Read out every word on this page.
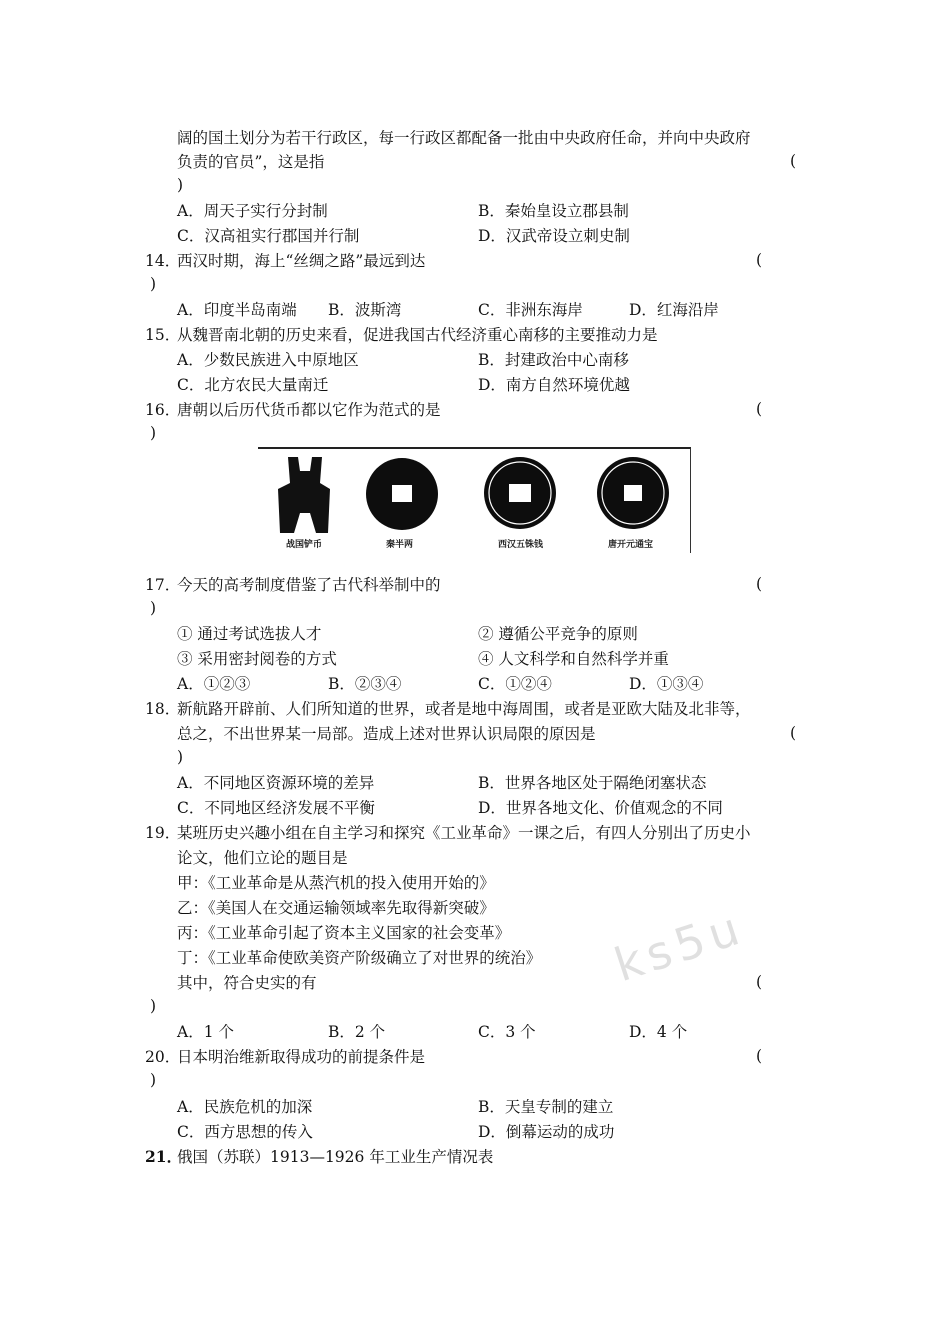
阔的国土划分为若干行政区，每一行政区都配备一批由中央政府任命，并向中央政府
负责的官员”，这是指	(
)
A．周天子实行分封制	B．秦始皇设立郡县制
C．汉高祖实行郡国并行制	D．汉武帝设立刺史制
14．
西汉时期，海上“丝绸之路”最远到达	(
)
A．印度半岛南端 B．波斯湾	C．非洲东海岸	D．红海沿岸
15．
从魏晋南北朝的历史来看，促进我国古代经济重心南移的主要推动力是
A．少数民族进入中原地区	B．封建政治中心南移
C．北方农民大量南迁	D．南方自然环境优越
16．
唐朝以后历代货币都以它作为范式的是	(
)
ks5u
战国铲币	秦半两	西汉五铢钱	唐开元通宝
17．
今天的高考制度借鉴了古代科举制中的	(
)
① 通过考试选拔人才	② 遵循公平竞争的原则
③ 采用密封阅卷的方式	④ 人文科学和自然科学并重
A．①②③	B．②③④	C．①②④	D．①③④
18．
新航路开辟前、人们所知道的世界，或者是地中海周围，或者是亚欧大陆及北非等，
总之，不出世界某一局部。造成上述对世界认识局限的原因是	(
)
A．不同地区资源环境的差异	B．世界各地区处于隔绝闭塞状态
C．不同地区经济发展不平衡	D．世界各地文化、价值观念的不同
19．
某班历史兴趣小组在自主学习和探究《工业革命》一课之后，有四人分别出了历史小
论文，他们立论的题目是
甲：《工业革命是从蒸汽机的投入使用开始的》
乙：《美国人在交通运输领域率先取得新突破》
丙：《工业革命引起了资本主义国家的社会变革》
丁：《工业革命使欧美资产阶级确立了对世界的统治》
其中，符合史实的有	(
)
A．1 个	B．2 个	C．3 个	D．4 个
20．
日本明治维新取得成功的前提条件是	(
)
A．民族危机的加深	B．天皇专制的建立
C．西方思想的传入	D．倒幕运动的成功
21．
俄国（苏联）1913—1926 年工业生产情况表
